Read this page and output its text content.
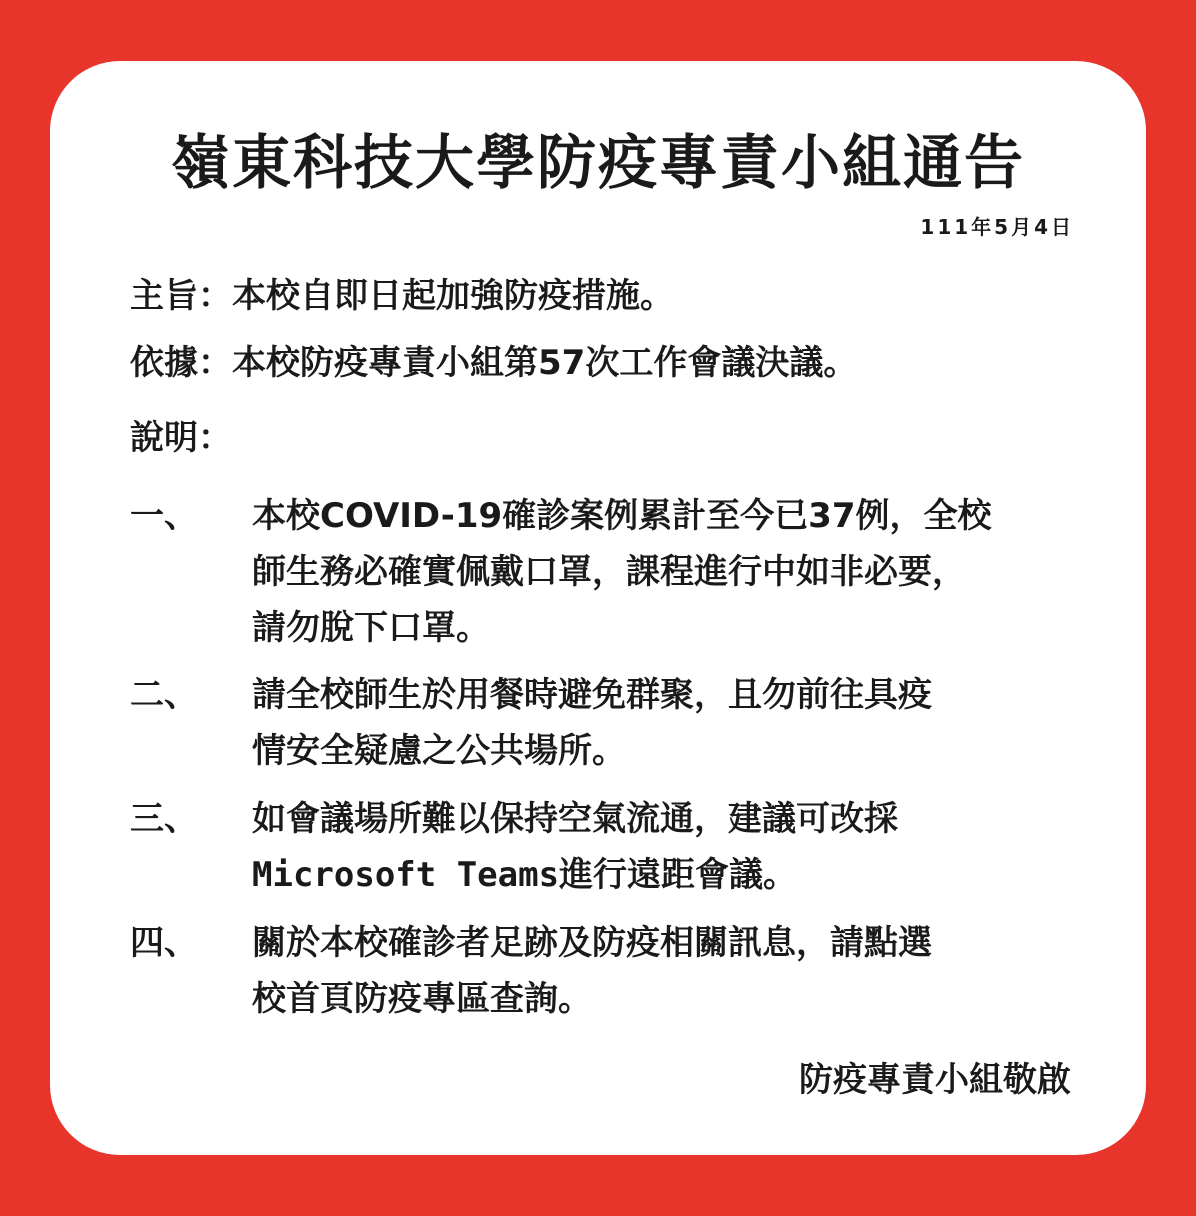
嶺東科技大學防疫專責小組通告
111年5月4日
主旨：本校自即日起加強防疫措施。
依據：本校防疫專責小組第57次工作會議決議。
說明：
一、 本校COVID-19確診案例累計至今已37例，全校
師生務必確實佩戴口罩，課程進行中如非必要，
請勿脫下口罩。
二、 請全校師生於用餐時避免群聚，且勿前往具疫
情安全疑慮之公共場所。
三、 如會議場所難以保持空氣流通，建議可改採
Microsoft Teams進行遠距會議。
四、 關於本校確診者足跡及防疫相關訊息，請點選
校首頁防疫專區查詢。
防疫專責小組敬啟
